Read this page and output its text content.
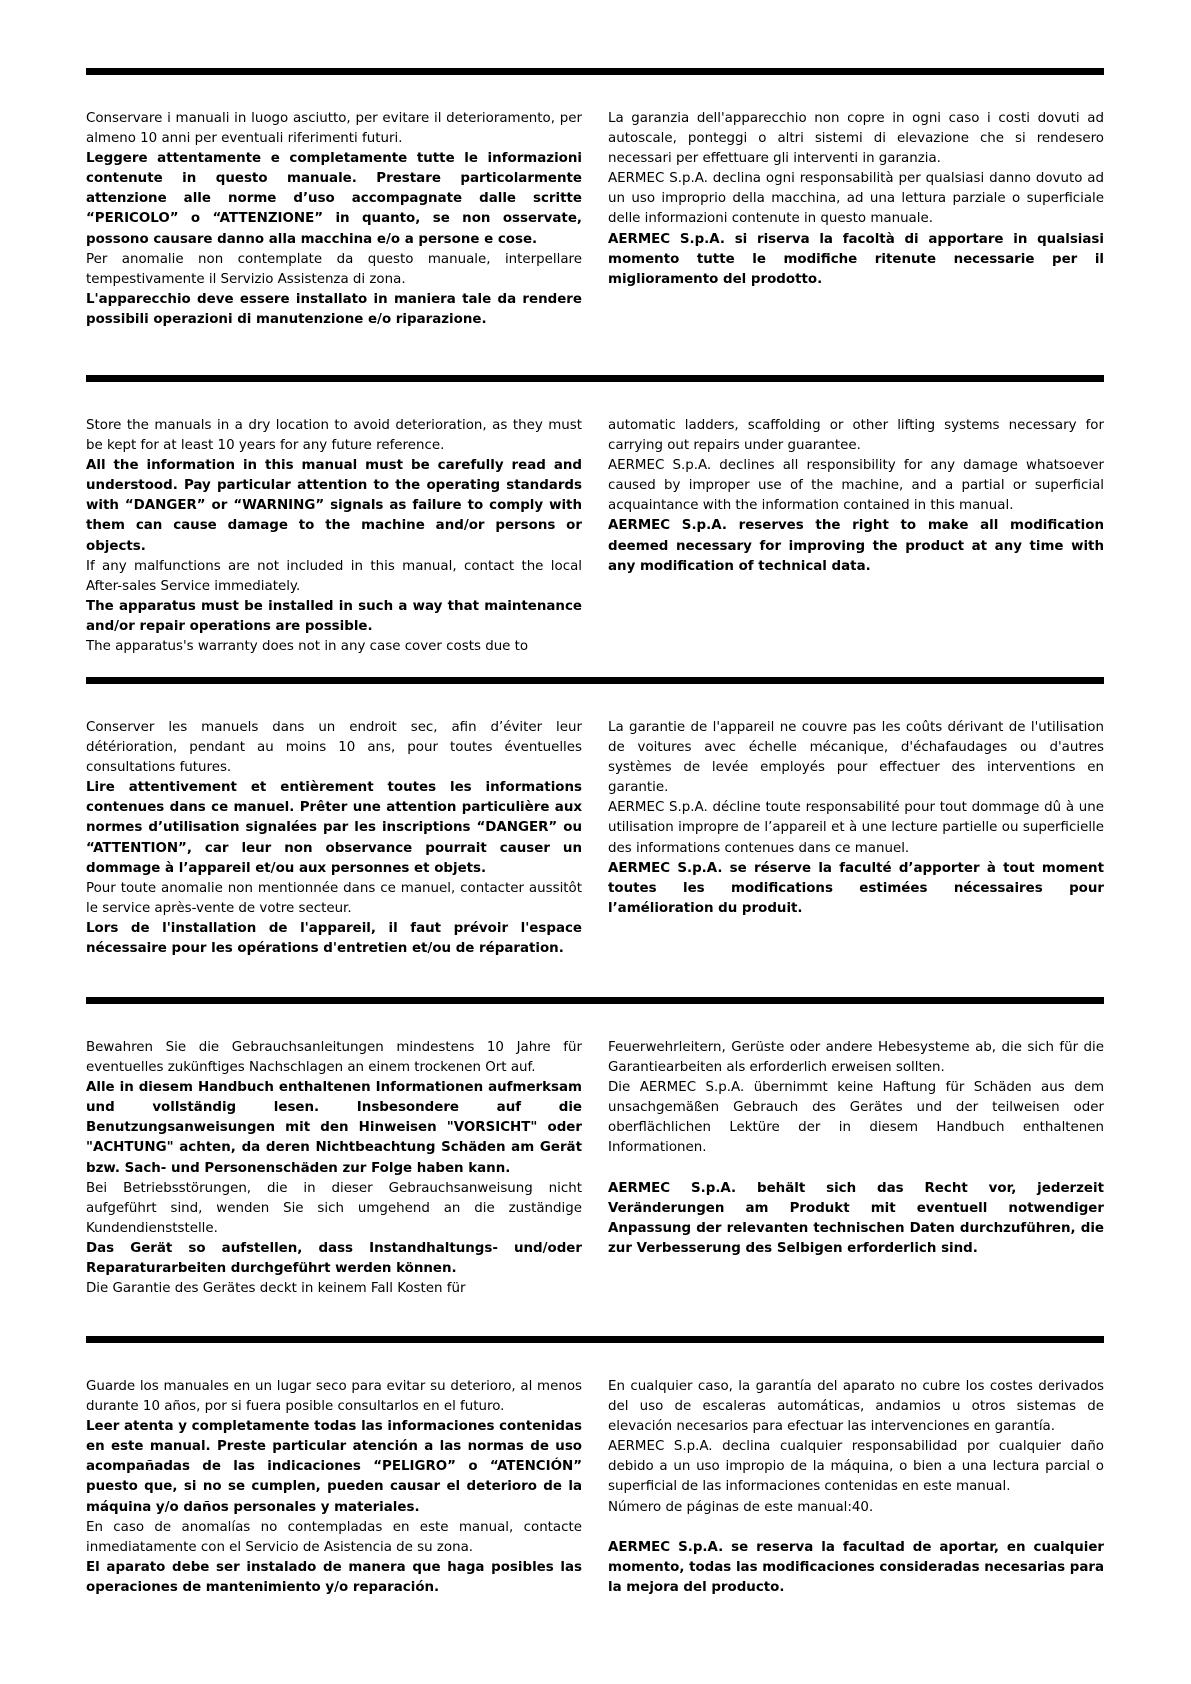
Conservare i manuali in luogo asciutto, per evitare il deterioramento, per almeno 10 anni per eventuali riferimenti futuri.

Leggere attentamente e completamente tutte le informazioni contenute in questo manuale. Prestare particolarmente attenzione alle norme d’uso accompagnate dalle scritte “PERICOLO” o “ATTENZIONE” in quanto, se non osservate, possono causare danno alla macchina e/o a persone e cose.

Per anomalie non contemplate da questo manuale, interpellare tempestivamente il Servizio Assistenza di zona.

L'apparecchio deve essere installato in maniera tale da rendere possibili operazioni di manutenzione e/o riparazione.

La garanzia dell'apparecchio non copre in ogni caso i costi dovuti ad autoscale, ponteggi o altri sistemi di elevazione che si rendesero necessari per effettuare gli interventi in garanzia.

AERMEC S.p.A. declina ogni responsabilità per qualsiasi danno dovuto ad un uso improprio della macchina, ad una lettura parziale o superficiale delle informazioni contenute in questo manuale.

AERMEC S.p.A. si riserva la facoltà di apportare in qualsiasi momento tutte le modifiche ritenute necessarie per il miglioramento del prodotto.

Store the manuals in a dry location to avoid deterioration, as they must be kept for at least 10 years for any future reference.

All the information in this manual must be carefully read and understood. Pay particular attention to the operating standards with “DANGER” or “WARNING” signals as failure to comply with them can cause damage to the machine and/or persons or objects.

If any malfunctions are not included in this manual, contact the local After-sales Service immediately.

The apparatus must be installed in such a way that maintenance and/or repair operations are possible.

The apparatus's warranty does not in any case cover costs due to

automatic ladders, scaffolding or other lifting systems necessary for carrying out repairs under guarantee.

AERMEC S.p.A. declines all responsibility for any damage whatsoever caused by improper use of the machine, and a partial or superficial acquaintance with the information contained in this manual.

AERMEC S.p.A. reserves the right to make all modification deemed necessary for improving the product at any time with any modification of technical data.

Conserver les manuels dans un endroit sec, afin d’éviter leur détérioration, pendant au moins 10 ans, pour toutes éventuelles consultations futures.

Lire attentivement et entièrement toutes les informations contenues dans ce manuel. Prêter une attention particulière aux normes d’utilisation signalées par les inscriptions “DANGER” ou “ATTENTION”, car leur non observance pourrait causer un dommage à l’appareil et/ou aux personnes et objets.

Pour toute anomalie non mentionnée dans ce manuel, contacter aussitôt le service après-vente de votre secteur.

Lors de l'installation de l'appareil, il faut prévoir l'espace nécessaire pour les opérations d'entretien et/ou de réparation.

La garantie de l'appareil ne couvre pas les coûts dérivant de l'utilisation de voitures avec échelle mécanique, d'échafaudages ou d'autres systèmes de levée employés pour effectuer des interventions en garantie.

AERMEC S.p.A. décline toute responsabilité pour tout dommage dû à une utilisation impropre de l’appareil et à une lecture partielle ou superficielle des informations contenues dans ce manuel.

AERMEC S.p.A. se réserve la faculté d’apporter à tout moment toutes les modifications estimées nécessaires pour l’amélioration du produit.

Bewahren Sie die Gebrauchsanleitungen mindestens 10 Jahre für eventuelles zukünftiges Nachschlagen an einem trockenen Ort auf.

Alle in diesem Handbuch enthaltenen Informationen aufmerksam und vollständig lesen. Insbesondere auf die Benutzungsanweisungen mit den Hinweisen "VORSICHT" oder "ACHTUNG" achten, da deren Nichtbeachtung Schäden am Gerät bzw. Sach- und Personenschäden zur Folge haben kann.

Bei Betriebsstörungen, die in dieser Gebrauchsanweisung nicht aufgeführt sind, wenden Sie sich umgehend an die zuständige Kundendienststelle.

Das Gerät so aufstellen, dass Instandhaltungs- und/oder Reparaturarbeiten durchgeführt werden können.

Die Garantie des Gerätes deckt in keinem Fall Kosten für

Feuerwehrleitern, Gerüste oder andere Hebesysteme ab, die sich für die Garantiearbeiten als erforderlich erweisen sollten.

Die AERMEC S.p.A. übernimmt keine Haftung für Schäden aus dem unsachgemäßen Gebrauch des Gerätes und der teilweisen oder oberflächlichen Lektüre der in diesem Handbuch enthaltenen Informationen.

AERMEC S.p.A. behält sich das Recht vor, jederzeit Veränderungen am Produkt mit eventuell notwendiger Anpassung der relevanten technischen Daten durchzuführen, die zur Verbesserung des Selbigen erforderlich sind.

Guarde los manuales en un lugar seco para evitar su deterioro, al menos durante 10 años, por si fuera posible consultarlos en el futuro.

Leer atenta y completamente todas las informaciones contenidas en este manual. Preste particular atención a las normas de uso acompañadas de las indicaciones “PELIGRO” o “ATENCIÓN” puesto que, si no se cumplen, pueden causar el deterioro de la máquina y/o daños personales y materiales.

En caso de anomalías no contempladas en este manual, contacte inmediatamente con el Servicio de Asistencia de su zona.

El aparato debe ser instalado de manera que haga posibles las operaciones de mantenimiento y/o reparación.

En cualquier caso, la garantía del aparato no cubre los costes derivados del uso de escaleras automáticas, andamios u otros sistemas de elevación necesarios para efectuar las intervenciones en garantía.

AERMEC S.p.A. declina cualquier responsabilidad por cualquier daño debido a un uso impropio de la máquina, o bien a una lectura parcial o superficial de las informaciones contenidas en este manual.

Número de páginas de este manual:40.

AERMEC S.p.A. se reserva la facultad de aportar, en cualquier momento, todas las modificaciones consideradas necesarias para la mejora del producto.
